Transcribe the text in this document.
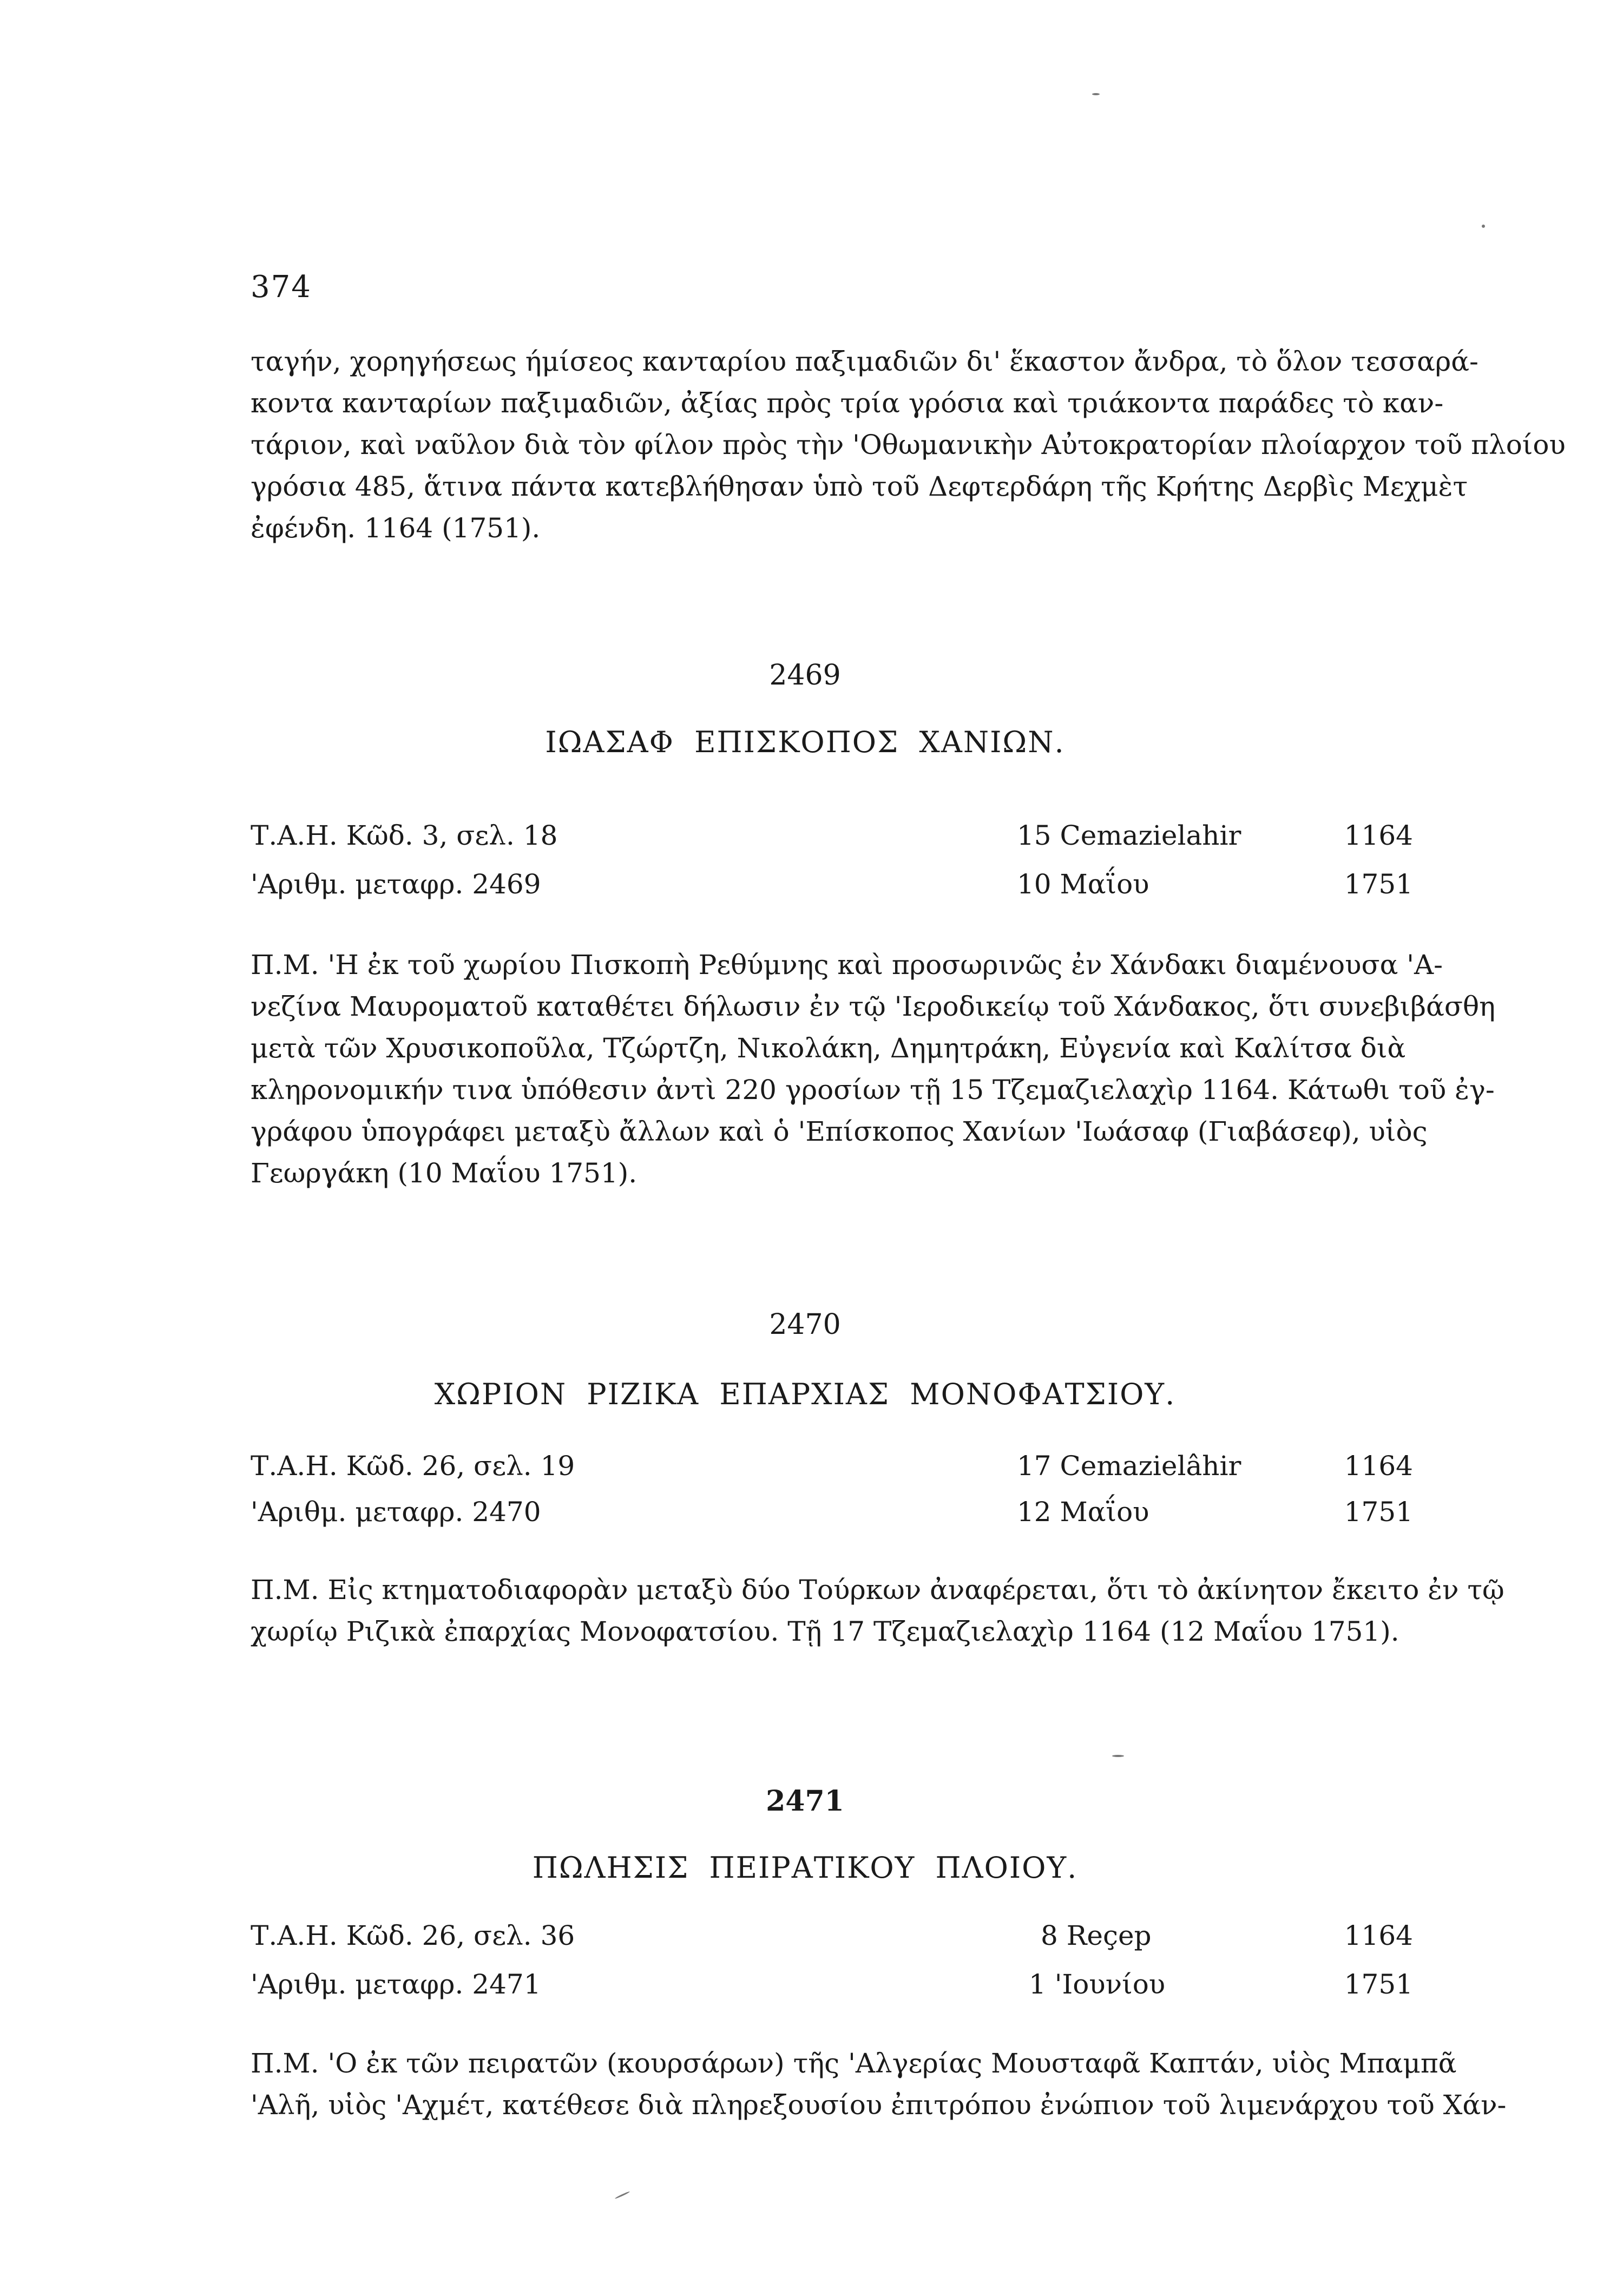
374
ταγήν, χορηγήσεως ήμίσεος κανταρίου παξιμαδιῶν δι' ἕκαστον ἄνδρα, τὸ ὅλον τεσσαρά-
κοντα κανταρίων παξιμαδιῶν, ἀξίας πρὸς τρία γρόσια καὶ τριάκοντα παράδες τὸ καν-
τάριον, καὶ ναῦλον διὰ τὸν φίλον πρὸς τὴν 'Οθωμανικὴν Αὐτοκρατορίαν πλοίαρχον τοῦ πλοίου
γρόσια 485, ἅτινα πάντα κατεβλήθησαν ὑπὸ τοῦ Δεφτερδάρη τῆς Κρήτης Δερβὶς Μεχμὲτ
ἐφένδη. 1164 (1751).
2469
ΙΩΑΣΑΦ ΕΠΙΣΚΟΠΟΣ ΧΑΝΙΩΝ.
Τ.Α.Η. Κῶδ. 3, σελ. 18	15 Cemazielahir	1164
'Αριθμ. μεταφρ. 2469	10 Μαΐου	1751
Π.Μ. 'Η ἐκ τοῦ χωρίου Πισκοπὴ Ρεθύμνης καὶ προσωρινῶς ἐν Χάνδακι διαμένουσα 'Α-
νεζίνα Μαυροματοῦ καταθέτει δήλωσιν ἐν τῷ 'Ιεροδικείῳ τοῦ Χάνδακος, ὅτι συνεβιβάσθη
μετὰ τῶν Χρυσικοποῦλα, Τζώρτζη, Νικολάκη, Δημητράκη, Εὐγενία καὶ Καλίτσα διὰ
κληρονομικήν τινα ὑπόθεσιν ἀντὶ 220 γροσίων τῇ 15 Τζεμαζιελαχὶρ 1164. Κάτωθι τοῦ ἐγ-
γράφου ὑπογράφει μεταξὺ ἄλλων καὶ ὁ 'Επίσκοπος Χανίων 'Ιωάσαφ (Γιαβάσεφ), υἱὸς
Γεωργάκη (10 Μαΐου 1751).
2470
ΧΩΡΙΟΝ ΡΙΖΙΚΑ ΕΠΑΡΧΙΑΣ ΜΟΝΟΦΑΤΣΙΟΥ.
Τ.Α.Η. Κῶδ. 26, σελ. 19	17 Cemazielâhir	1164
'Αριθμ. μεταφρ. 2470	12 Μαΐου	1751
Π.Μ. Εἰς κτηματοδιαφορὰν μεταξὺ δύο Τούρκων ἀναφέρεται, ὅτι τὸ ἀκίνητον ἔκειτο ἐν τῷ
χωρίῳ Ριζικὰ ἐπαρχίας Μονοφατσίου. Τῇ 17 Τζεμαζιελαχὶρ 1164 (12 Μαΐου 1751).
2471
ΠΩΛΗΣΙΣ ΠΕΙΡΑΤΙΚΟΥ ΠΛΟΙΟΥ.
Τ.Α.Η. Κῶδ. 26, σελ. 36	8 Reçep	1164
'Αριθμ. μεταφρ. 2471	1 'Ιουνίου	1751
Π.Μ. 'Ο ἐκ τῶν πειρατῶν (κουρσάρων) τῆς 'Αλγερίας Μουσταφᾶ Καπτάν, υἱὸς Μπαμπᾶ
'Αλῆ, υἱὸς 'Αχμέτ, κατέθεσε διὰ πληρεξουσίου ἐπιτρόπου ἐνώπιον τοῦ λιμενάρχου τοῦ Χάν-
